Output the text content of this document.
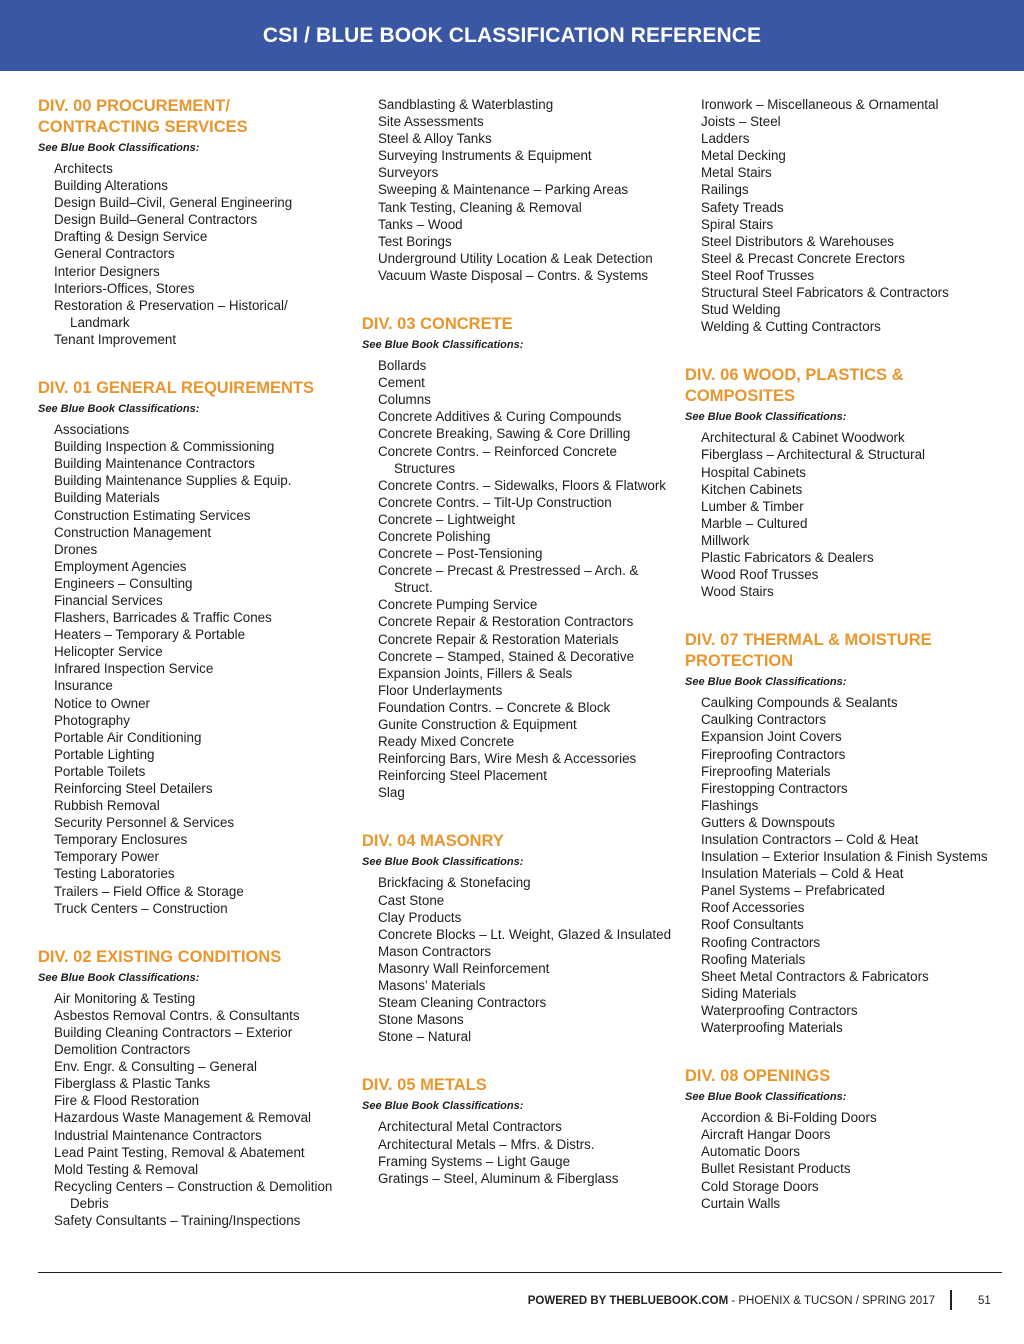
CSI / BLUE BOOK CLASSIFICATION REFERENCE
DIV. 00 PROCUREMENT/ CONTRACTING SERVICES
See Blue Book Classifications:
Architects
Building Alterations
Design Build–Civil, General Engineering
Design Build–General Contractors
Drafting & Design Service
General Contractors
Interior Designers
Interiors-Offices, Stores
Restoration & Preservation – Historical/ Landmark
Tenant Improvement
DIV. 01 GENERAL REQUIREMENTS
See Blue Book Classifications:
Associations
Building Inspection & Commissioning
Building Maintenance Contractors
Building Maintenance Supplies & Equip.
Building Materials
Construction Estimating Services
Construction Management
Drones
Employment Agencies
Engineers – Consulting
Financial Services
Flashers, Barricades & Traffic Cones
Heaters – Temporary & Portable
Helicopter Service
Infrared Inspection Service
Insurance
Notice to Owner
Photography
Portable Air Conditioning
Portable Lighting
Portable Toilets
Reinforcing Steel Detailers
Rubbish Removal
Security Personnel & Services
Temporary Enclosures
Temporary Power
Testing Laboratories
Trailers – Field Office & Storage
Truck Centers – Construction
DIV. 02 EXISTING CONDITIONS
See Blue Book Classifications:
Air Monitoring & Testing
Asbestos Removal Contrs. & Consultants
Building Cleaning Contractors – Exterior
Demolition Contractors
Env. Engr. & Consulting – General
Fiberglass & Plastic Tanks
Fire & Flood Restoration
Hazardous Waste Management & Removal
Industrial Maintenance Contractors
Lead Paint Testing, Removal & Abatement
Mold Testing & Removal
Recycling Centers – Construction & Demolition Debris
Safety Consultants – Training/Inspections
Sandblasting & Waterblasting
Site Assessments
Steel & Alloy Tanks
Surveying Instruments & Equipment
Surveyors
Sweeping & Maintenance – Parking Areas
Tank Testing, Cleaning & Removal
Tanks – Wood
Test Borings
Underground Utility Location & Leak Detection
Vacuum Waste Disposal – Contrs. & Systems
DIV. 03 CONCRETE
See Blue Book Classifications:
Bollards
Cement
Columns
Concrete Additives & Curing Compounds
Concrete Breaking, Sawing & Core Drilling
Concrete Contrs. – Reinforced Concrete Structures
Concrete Contrs. – Sidewalks, Floors & Flatwork
Concrete Contrs. – Tilt-Up Construction
Concrete – Lightweight
Concrete Polishing
Concrete – Post-Tensioning
Concrete – Precast & Prestressed – Arch. & Struct.
Concrete Pumping Service
Concrete Repair & Restoration Contractors
Concrete Repair & Restoration Materials
Concrete – Stamped, Stained & Decorative
Expansion Joints, Fillers & Seals
Floor Underlayments
Foundation Contrs. – Concrete & Block
Gunite Construction & Equipment
Ready Mixed Concrete
Reinforcing Bars, Wire Mesh & Accessories
Reinforcing Steel Placement
Slag
DIV. 04 MASONRY
See Blue Book Classifications:
Brickfacing & Stonefacing
Cast Stone
Clay Products
Concrete Blocks – Lt. Weight, Glazed & Insulated
Mason Contractors
Masonry Wall Reinforcement
Masons’ Materials
Steam Cleaning Contractors
Stone Masons
Stone – Natural
DIV. 05 METALS
See Blue Book Classifications:
Architectural Metal Contractors
Architectural Metals – Mfrs. & Distrs.
Framing Systems – Light Gauge
Gratings – Steel, Aluminum & Fiberglass
Ironwork – Miscellaneous & Ornamental
Joists – Steel
Ladders
Metal Decking
Metal Stairs
Railings
Safety Treads
Spiral Stairs
Steel Distributors & Warehouses
Steel & Precast Concrete Erectors
Steel Roof Trusses
Structural Steel Fabricators & Contractors
Stud Welding
Welding & Cutting Contractors
DIV. 06 WOOD, PLASTICS & COMPOSITES
See Blue Book Classifications:
Architectural & Cabinet Woodwork
Fiberglass – Architectural & Structural
Hospital Cabinets
Kitchen Cabinets
Lumber & Timber
Marble – Cultured
Millwork
Plastic Fabricators & Dealers
Wood Roof Trusses
Wood Stairs
DIV. 07 THERMAL & MOISTURE PROTECTION
See Blue Book Classifications:
Caulking Compounds & Sealants
Caulking Contractors
Expansion Joint Covers
Fireproofing Contractors
Fireproofing Materials
Firestopping Contractors
Flashings
Gutters & Downspouts
Insulation Contractors – Cold & Heat
Insulation – Exterior Insulation & Finish Systems
Insulation Materials – Cold & Heat
Panel Systems – Prefabricated
Roof Accessories
Roof Consultants
Roofing Contractors
Roofing Materials
Sheet Metal Contractors & Fabricators
Siding Materials
Waterproofing Contractors
Waterproofing Materials
DIV. 08 OPENINGS
See Blue Book Classifications:
Accordion & Bi-Folding Doors
Aircraft Hangar Doors
Automatic Doors
Bullet Resistant Products
Cold Storage Doors
Curtain Walls
POWERED BY THEBLUEBOOK.COM - PHOENIX & TUCSON / SPRING 2017	51
